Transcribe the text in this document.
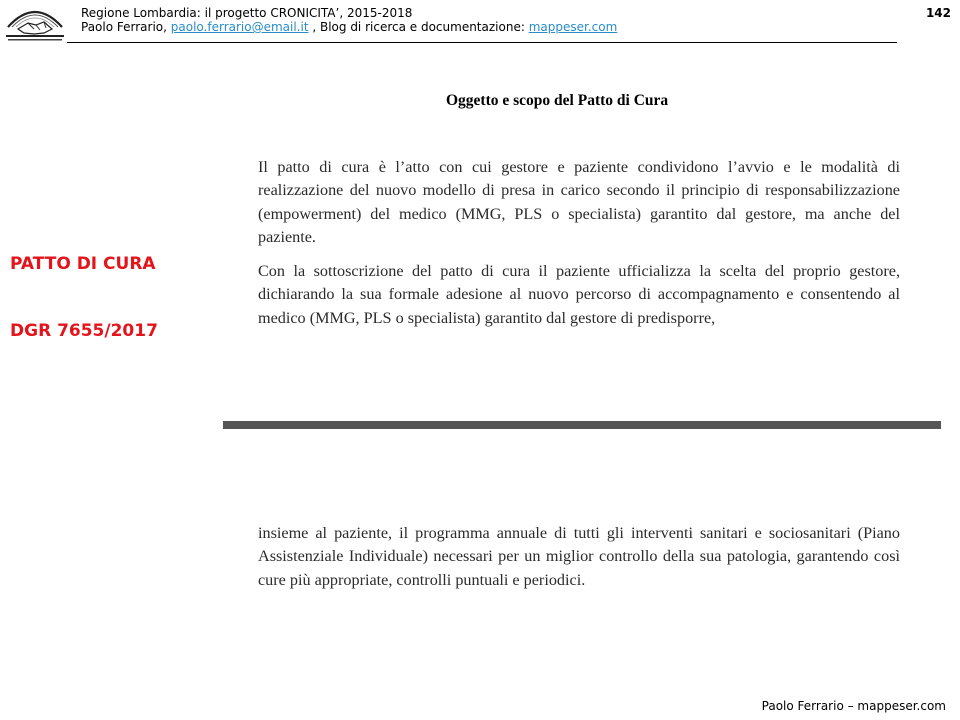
Regione Lombardia: il progetto CRONICITA’, 2015-2018
Paolo Ferrario, paolo.ferrario@email.it , Blog di ricerca e documentazione: mappeser.com
142
Oggetto e scopo del Patto di Cura

Il patto di cura è l’atto con cui gestore e paziente condividono l’avvio e le modalità di realizzazione del nuovo modello di presa in carico secondo il principio di responsabilizzazione (empowerment) del medico (MMG, PLS o specialista) garantito dal gestore, ma anche del paziente.

Con la sottoscrizione del patto di cura il paziente ufficializza la scelta del proprio gestore, dichiarando la sua formale adesione al nuovo percorso di accompagnamento e consentendo al medico (MMG, PLS o specialista) garantito dal gestore di predisporre,

PATTO DI CURA
DGR 7655/2017

insieme al paziente, il programma annuale di tutti gli interventi sanitari e sociosanitari (Piano Assistenziale Individuale) necessari per un miglior controllo della sua patologia, garantendo così cure più appropriate, controlli puntuali e periodici.

Paolo Ferrario – mappeser.com
